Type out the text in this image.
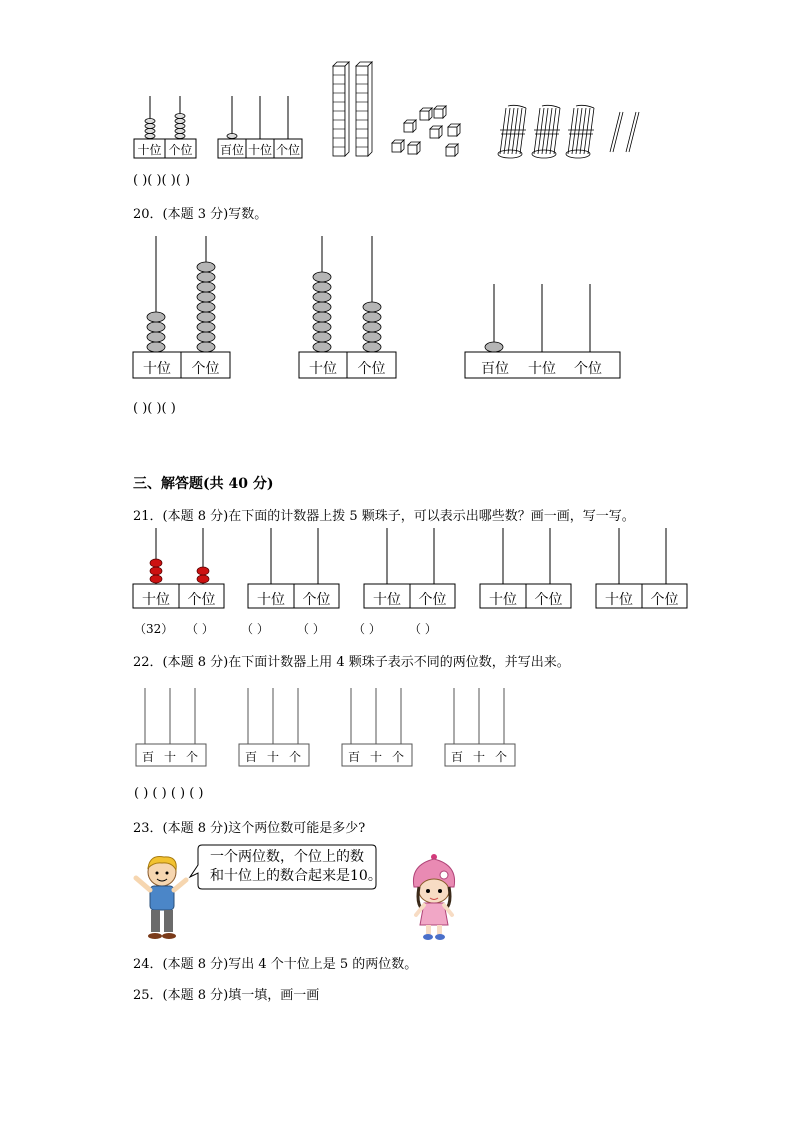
十位 个位 百位 十位 个位
( )( )( )( )
20．(本题 3 分)写数。
十位	个位	十位	个位	百位	十位	个位
( )( )( )
三、解答题(共 40 分)
21．(本题 8 分)在下面的计数器上拨 5 颗珠子，可以表示出哪些数？画一画，写一写。
十位	个位	十位	个位	十位	个位	十位	个位	十位	个位
（32） （ ） （ ） （ ） （ ） （ ）
22．(本题 8 分)在下面计数器上用 4 颗珠子表示不同的两位数，并写出来。
百 十 个	百 十 个	百 十 个	百 十 个
( ) ( ) ( ) ( )
23．(本题 8 分)这个两位数可能是多少?
一个两位数，个位上的数
和十位上的数合起来是10。
24．(本题 8 分)写出 4 个十位上是 5 的两位数。
25．(本题 8 分)填一填，画一画
